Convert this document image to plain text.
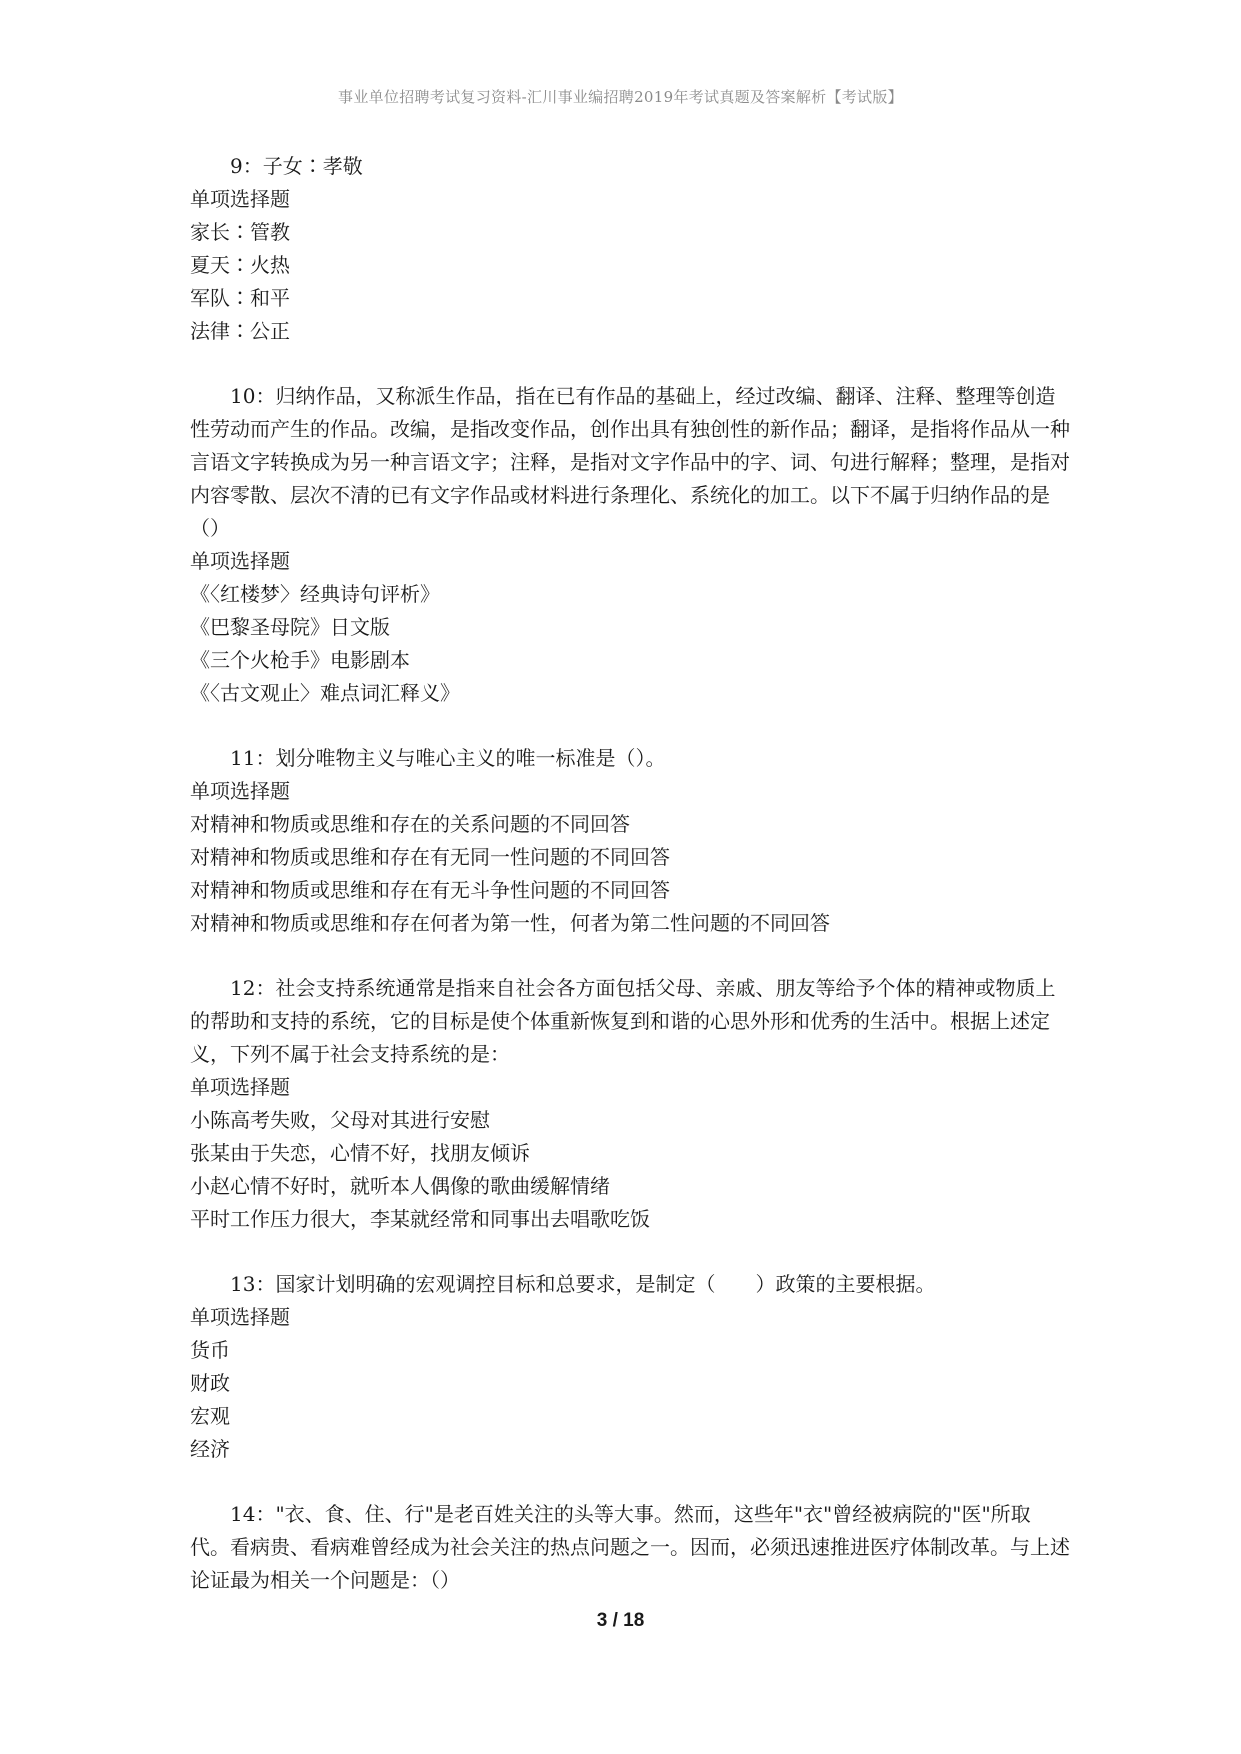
事业单位招聘考试复习资料-汇川事业编招聘2019年考试真题及答案解析【考试版】

9：子女∶孝敬

单项选择题

家长∶管教

夏天∶火热

军队∶和平

法律∶公正

10：归纳作品，又称派生作品，指在已有作品的基础上，经过改编、翻译、注释、整理等创造性劳动而产生的作品。改编，是指改变作品，创作出具有独创性的新作品；翻译，是指将作品从一种言语文字转换成为另一种言语文字；注释，是指对文字作品中的字、词、句进行解释；整理，是指对内容零散、层次不清的已有文字作品或材料进行条理化、系统化的加工。以下不属于归纳作品的是（）

单项选择题

《〈红楼梦〉经典诗句评析》

《巴黎圣母院》日文版

《三个火枪手》电影剧本

《〈古文观止〉难点词汇释义》

11：划分唯物主义与唯心主义的唯一标准是（）。

单项选择题

对精神和物质或思维和存在的关系问题的不同回答

对精神和物质或思维和存在有无同一性问题的不同回答

对精神和物质或思维和存在有无斗争性问题的不同回答

对精神和物质或思维和存在何者为第一性，何者为第二性问题的不同回答

12：社会支持系统通常是指来自社会各方面包括父母、亲戚、朋友等给予个体的精神或物质上的帮助和支持的系统，它的目标是使个体重新恢复到和谐的心思外形和优秀的生活中。根据上述定义，下列不属于社会支持系统的是：

单项选择题

小陈高考失败，父母对其进行安慰

张某由于失恋，心情不好，找朋友倾诉

小赵心情不好时，就听本人偶像的歌曲缓解情绪

平时工作压力很大，李某就经常和同事出去唱歌吃饭

13：国家计划明确的宏观调控目标和总要求，是制定（　　）政策的主要根据。

单项选择题

货币

财政

宏观

经济

14："衣、食、住、行"是老百姓关注的头等大事。然而，这些年"衣"曾经被病院的"医"所取代。看病贵、看病难曾经成为社会关注的热点问题之一。因而，必须迅速推进医疗体制改革。与上述论证最为相关一个问题是：（）

3 / 18
